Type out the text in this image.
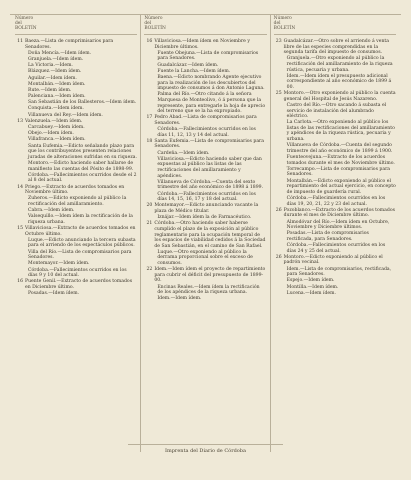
Número
del
BOLETÍN
11 Baeza.—Lista de comprimisarios para Senadores.
Doña Mencía.—Idem ídem.
Granjuela.—Idem ídem.
La Victoria.—Idem.
Blázquez.—Idem ídem.
Aguilar.—Idem ídem.
Montalbán.—Idem ídem.
Rute.—Idem ídem.
Palenciana.—Idem ídem.
San Sebastián de los Ballesteros.—Idem ídem.
Conquista.—Idem ídem.
Villanueva del Rey.—Idem ídem.
13 Valenzuela.—Idem ídem.
Carcabuey.—Idem ídem.
Obejo.—Idem ídem.
Villafranca.—Idem ídem.
Santa Eufemia.—Edicto señalando plazo para que los contribuyentes presenten relaciones juradas de alteraciones sufridas en su riqueza.
Montoro.—Edicto haciendo saber hallarse de manifiesto las cuentas del Pósito de 1898-99.
Córdoba.—Fallecimientos ocurridos desde el 2 al 8 del actual.
14 Priego.—Extracto de acuerdos tomados en Noviembre último.
Zuheros.—Edicto exponiendo al público la rectificación del amillaramiento.
Cabra.—Idem ídem.
Valsequillo.—Idem ídem la rectificación de la riqueza urbana.
15 Villaviciosa.—Extracto de acuerdos tomados en Octubre último.
Luque.—Edicto anunciando la tercera subasta para el arriendo de los espectáculos públicos.
Villa del Río.—Lista de compromisarios para Senadores.
Montemayor.—Idem ídem.
Córdoba.—Fallecimientos ocurridos en los días 9 y 10 del actual.
16 Puente Genil.—Extracto de acuerdos tomados en Diciembre último.
Posadas.—Idem ídem.
Número
del
BOLETÍN
16 Villaviciosa.—Idem ídem en Noviembre y Diciembre últimos.
Fuente Obejuna.—Lista de compromisarios para Senadores.
Guadalcázar.—Idem ídem.
Fuente la Lancha.—Idem ídem.
Baena.—Edicto nombrando Agente ejecutivo para la realización de los descubiertos del impuesto de consumos á don Antonio Laguna.
Palma del Río.—Otro citando á la señora Marquesa de Monteolivo, ó á persona que la represente, para entregarle la hoja de aprecio del terreno que se la ha expropiado.
17 Pedro Abad.—Lista de compromisarios para Senadores.
Córdoba.—Fallecimientos ocurridos en los días 11, 12, 13 y 14 del actual.
18 Santa Eufemia.—Lista de compromisarios para Senadores.
Cardeña.—Idem ídem.
Villaviciosa.—Edicto haciendo saber que dan expuestas al público las listas de las rectificaciones del amillaramiento y apéndices.
Villanueva de Córdoba.—Cuenta del sexto trimestre del año económico de 1898 á 1899.
Córdoba.—Fallecimientos ocurridos en los días 14, 15, 16, 17 y 18 del actual.
20 Montemayor.—Edicto anunciando vacante la plaza de Médico titular.
Iznájar.—Idem ídem la de Farmacéutico.
21 Córdoba.—Otro haciendo saber haberse cumplido el plazo de la exposición al público reglamentario para la ocupación temporal de los espacios de viabilidad cedidos á la Sociedad de San Sebastián, en el camino de San Rafael.
Luque.—Otro exponiendo al público la derrama proporcional sobre el exceso de consumos.
22 Idem.—Idem ídem el proyecto de repartimiento para cubrir el déficit del presupuesto de 1899-00.
Encinas Reales.—Idem ídem la rectificación de los apéndices de la riqueza urbana.
Idem.—Idem ídem.
Número
del
BOLETÍN
23 Guadalcázar.—Otro sobre el arriendo á venta libre de las especies comprendidas en la segunda tarifa del impuesto de consumos.
Granjuela.—Otro exponiendo al público la rectificación del amillaramiento de la riqueza rústica, pecuaria y urbana.
Idem.—Idem ídem el presupuesto adicional correspondiente al año económico de 1899 á 00.
25 Montoro.—Otro exponiendo al público la cuenta general del Hospital de Jesús Nazareno.
Castro del Río.—Otro sacando á subasta el servicio de instalación del alumbrado eléctrico.
La Carlota.—Otro exponiendo al público los listas de las rectificaciones del amillaramiento y apéndices de la riqueza rústica, pecuaria y urbana.
Villanueva de Córdoba.—Cuenta del segundo trimestre del año económico de 1899 á 1900.
Fuenteovejuna.—Extracto de los acuerdos tomados durante el mes de Noviembre último.
Torrecampo.—Lista de compromisarios para Senadores.
Montalbán.—Edicto exponiendo al público el repartimiento del actual ejercicio, en concepto de impuesto de guardería rural.
Córdoba.—Fallecimientos ocurridos en los días 19, 20, 21, 22 y 23 del actual.
26 Pozoblanco.—Extracto de los acuerdos tomados durante el mes de Diciembre último.
Almodóvar del Río.—Idem ídem en Octubre, Noviembre y Diciembre últimos.
Posadas.—Lista de compromisarios rectificada, para Senadores.
Córdoba.—Fallecimientos ocurridos en los días 24 y 25 del actual.
26 Montoro.—Edicto exponiendo al público el padrón vecinal.
Idem.—Lista de compromisarios, rectificada, para Senadores.
Espejo.—Idem ídem.
Montilla.—Idem ídem.
Lucena.—Idem ídem.
Imprenta del Diario de Córdoba
